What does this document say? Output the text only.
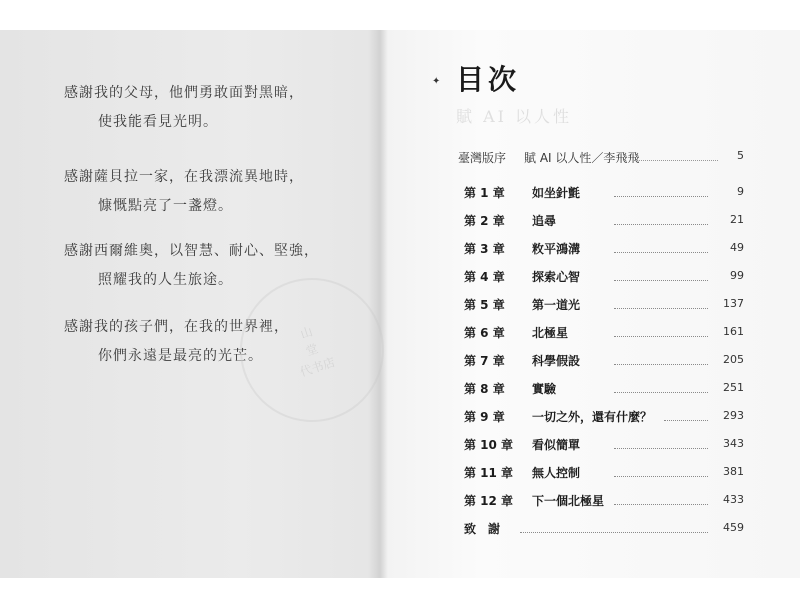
感謝我的父母，他們勇敢面對黑暗，
使我能看見光明。
感謝薩貝拉一家，在我漂流異地時，
慷慨點亮了一盞燈。
感謝西爾維奧，以智慧、耐心、堅強，
照耀我的人生旅途。
感謝我的孩子們，在我的世界裡，
你們永遠是最亮的光芒。
山
堂
代书店
✦ 目次
賦 AI 以人性
臺灣版序 賦 AI 以人性／李飛飛	5
第 1 章 如坐針氈	9
第 2 章 追尋	21
第 3 章 敉平鴻溝	49
第 4 章 探索心智	99
第 5 章 第一道光	137
第 6 章 北極星	161
第 7 章 科學假設	205
第 8 章 實驗	251
第 9 章 一切之外，還有什麼？	293
第 10 章 看似簡單	343
第 11 章 無人控制	381
第 12 章 下一個北極星	433
致　謝	459
